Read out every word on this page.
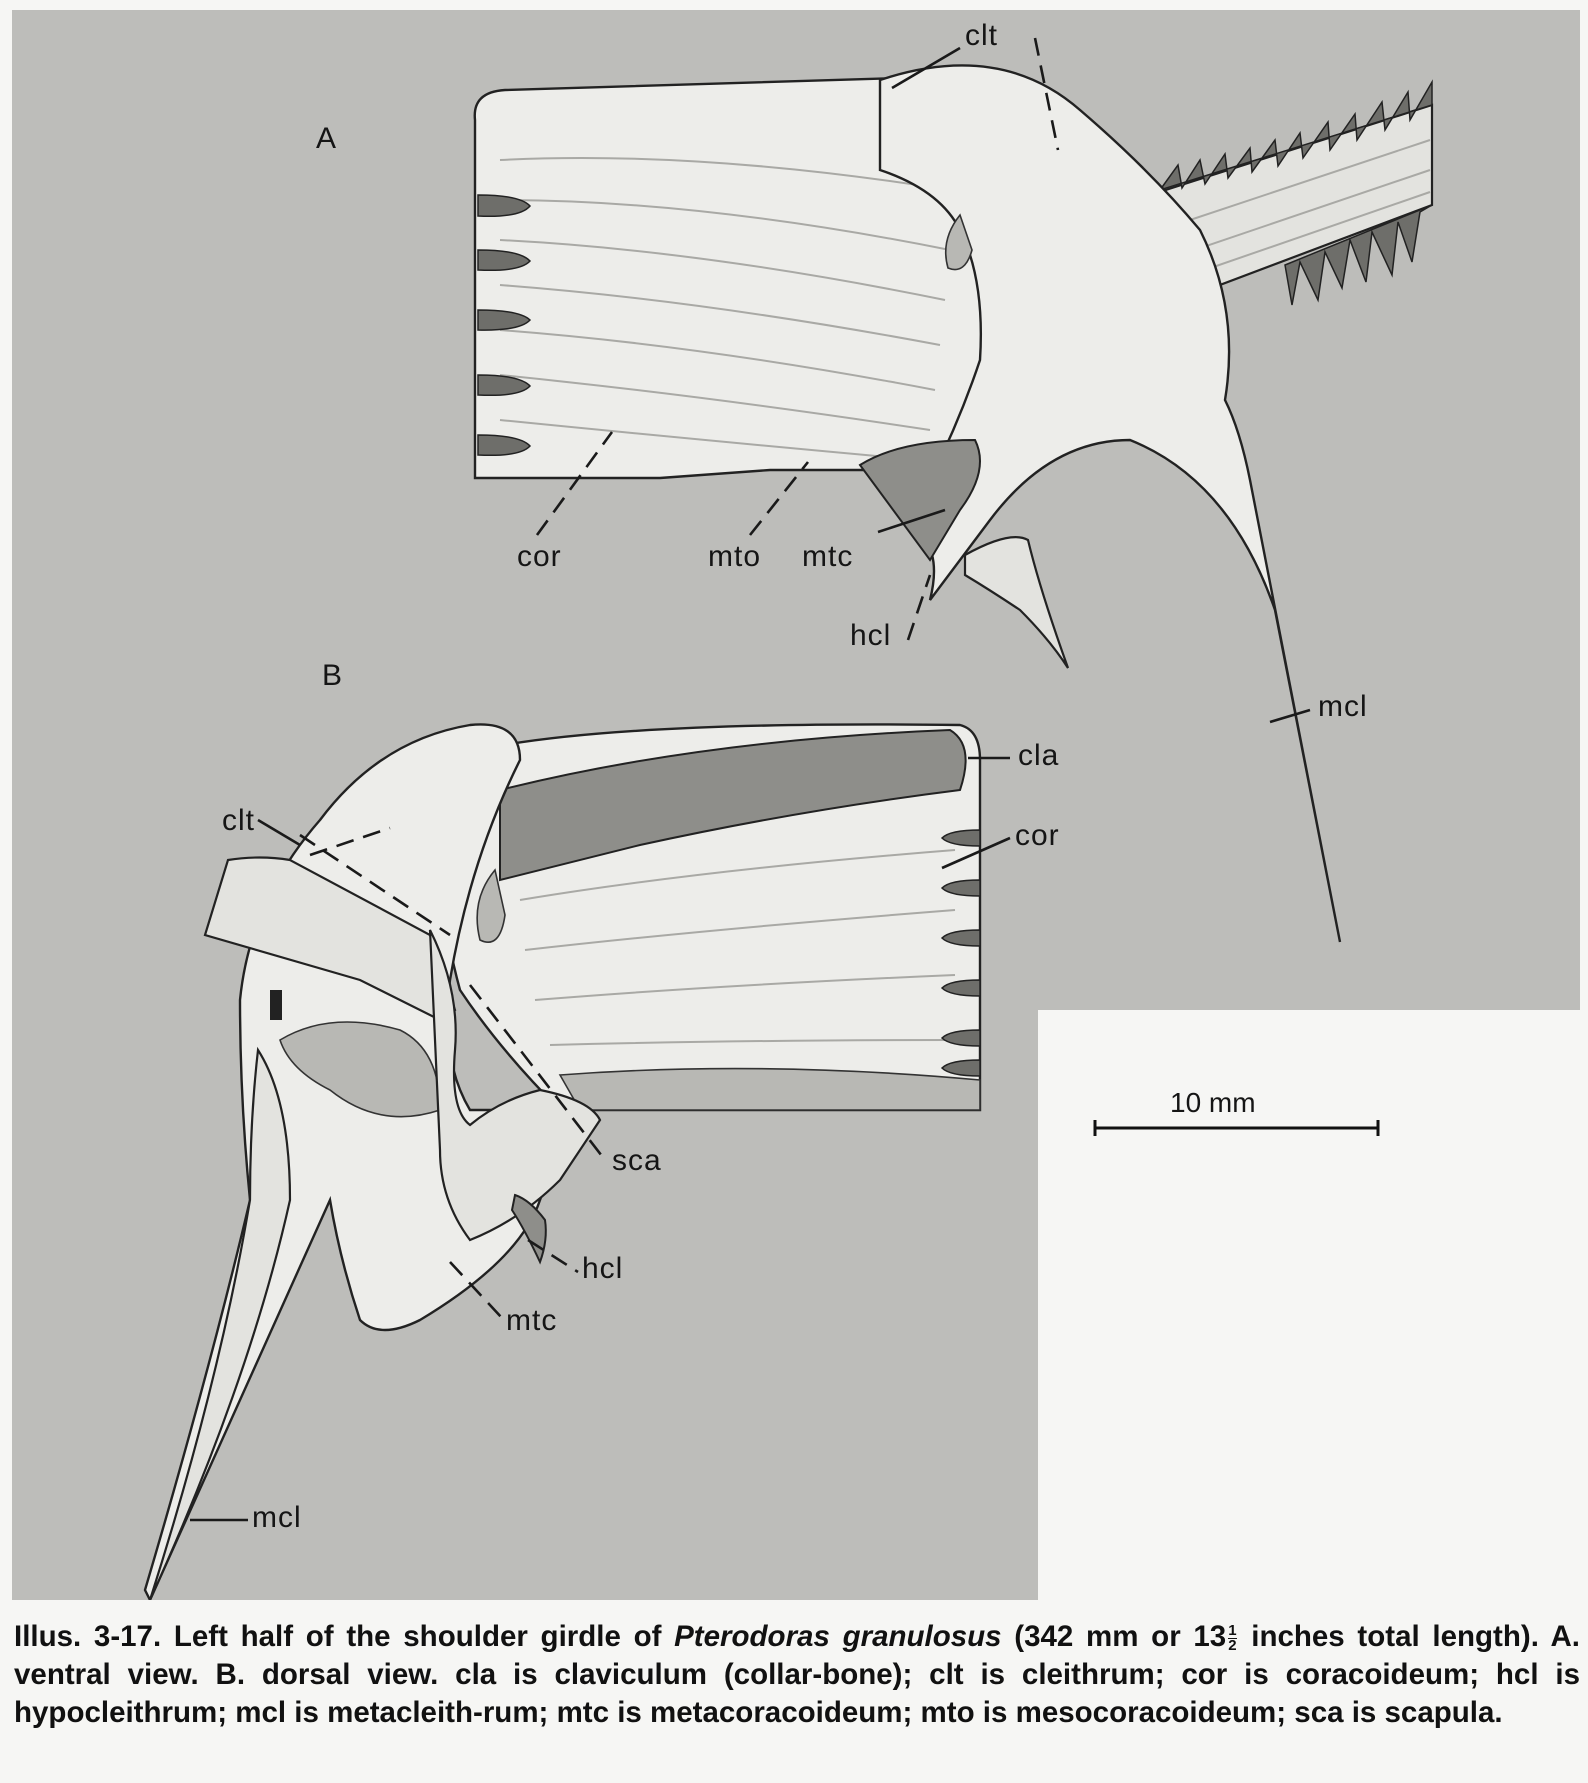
A
B
clt
cor	mto mtc
hcl
mcl
clt
cla
cor
sca
hcl
mtc
mcl
10 mm

Illus. 3-17. Left half of the shoulder girdle of Pterodoras granulosus (342 mm or $13 \frac{1}{2}$ inches total length). A. ventral view. B. dorsal view. cla is claviculum (collar-bone); clt is cleithrum; cor is coracoideum; hcl is hypocleithrum; mcl is metacleith-rum; mtc is metacoracoideum; mto is mesocoracoideum; sca is scapula.
